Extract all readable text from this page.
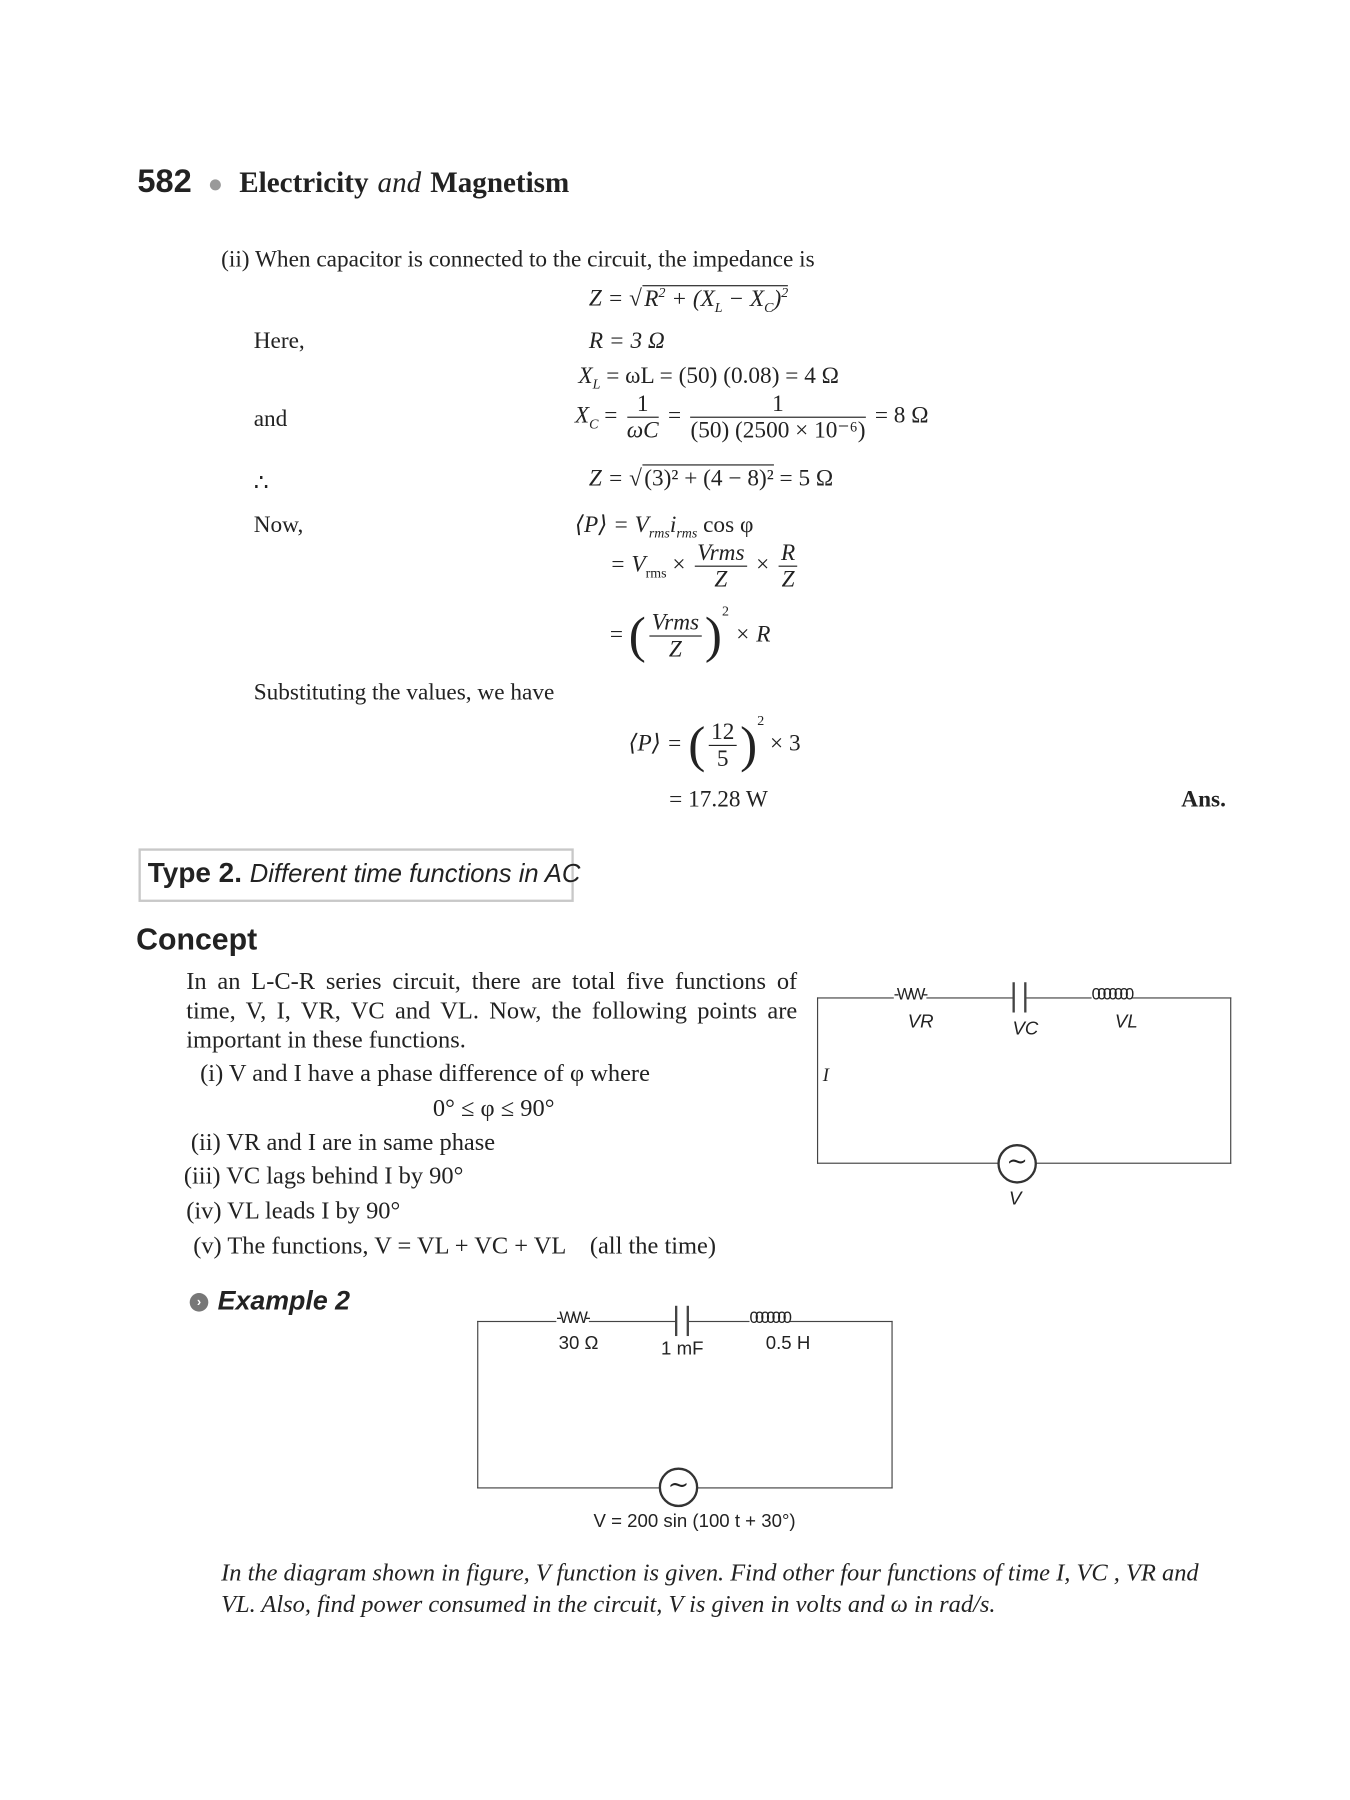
582 ● Electricity and Magnetism
(ii) When capacitor is connected to the circuit, the impedance is
Z = √ $R^2 + (X_L - X_C)^2$
Here,	R = 3 Ω
$X_L = \omega L = (50) (0.08) = 4$ Ω
and	$X_C = \frac{1}{\omega C} = \frac{1}{\text{(50) (2500 × 10⁻⁶)}} = 8$ Ω
∴	Z = √ (3)² + (4 − 8)² = 5 Ω
Now,	⟨P⟩ = $V_{rms}i_{rms}$ cos φ
= $V_{rms} \times \frac{\text{Vrms}}{Z} \times \frac{R}{Z}$
= ( $\frac{\text{Vrms}}{Z} )^2 \times R$
Substituting the values, we have
⟨P⟩ = ( $\frac{12}{5} )^2 \times 3$
= 17.28 W	Ans.
Type 2. Different time functions in AC
Concept
In an L-C-R series circuit, there are total five functions of time, V, I, VR, VC and VL. Now, the following points are important in these functions.
(i) V and I have a phase difference of φ where
0° ≤ φ ≤ 90°
(ii) VR and I are in same phase
(iii) VC lags behind I by 90°
(iv) VL leads I by 90°
(v) The functions, V = VL + VC + VL    (all the time)
-WW-	0000000
VR	VC	VL
I
~
V
› Example 2
-WW-	0000000
30 Ω	1 mF	0.5 H
~
V = 200 sin (100 t + 30°)
In the diagram shown in figure, V function is given. Find other four functions of time I, VC , VR and VL. Also, find power consumed in the circuit, V is given in volts and ω in rad/s.
